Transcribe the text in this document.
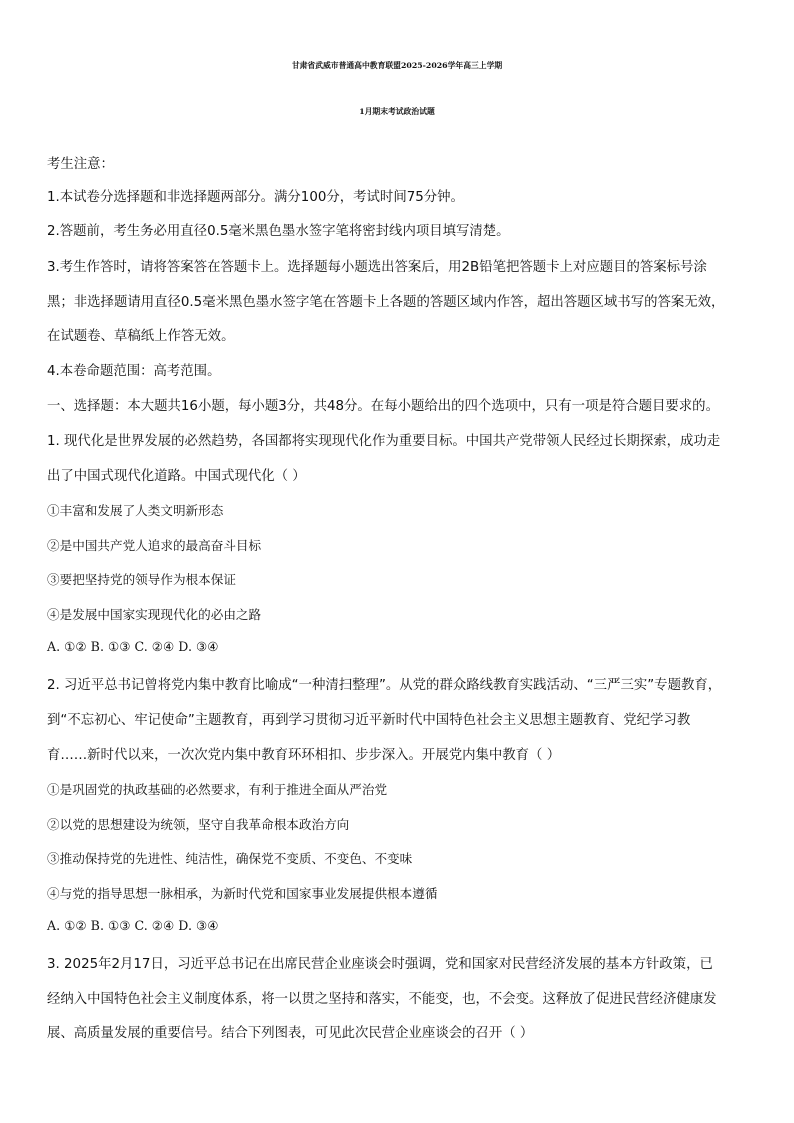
甘肃省武威市普通高中教育联盟2025-2026学年高三上学期
1月期末考试政治试题
考生注意：
1.本试卷分选择题和非选择题两部分。满分100分，考试时间75分钟。
2.答题前，考生务必用直径0.5毫米黑色墨水签字笔将密封线内项目填写清楚。
3.考生作答时，请将答案答在答题卡上。选择题每小题选出答案后，用2B铅笔把答题卡上对应题目的答案标号涂
黑；非选择题请用直径0.5毫米黑色墨水签字笔在答题卡上各题的答题区域内作答，超出答题区域书写的答案无效，
在试题卷、草稿纸上作答无效。
4.本卷命题范围：高考范围。
一、选择题：本大题共16小题，每小题3分，共48分。在每小题给出的四个选项中，只有一项是符合题目要求的。
1. 现代化是世界发展的必然趋势，各国都将实现现代化作为重要目标。中国共产党带领人民经过长期探索，成功走
出了中国式现代化道路。中国式现代化（ ）
①丰富和发展了人类文明新形态
②是中国共产党人追求的最高奋斗目标
③要把坚持党的领导作为根本保证
④是发展中国家实现现代化的必由之路
A. ①② B. ①③ C. ②④ D. ③④
2. 习近平总书记曾将党内集中教育比喻成“一种清扫整理”。从党的群众路线教育实践活动、“三严三实”专题教育，
到“不忘初心、牢记使命”主题教育，再到学习贯彻习近平新时代中国特色社会主义思想主题教育、党纪学习教
育……新时代以来，一次次党内集中教育环环相扣、步步深入。开展党内集中教育（ ）
①是巩固党的执政基础的必然要求，有利于推进全面从严治党
②以党的思想建设为统领，坚守自我革命根本政治方向
③推动保持党的先进性、纯洁性，确保党不变质、不变色、不变味
④与党的指导思想一脉相承，为新时代党和国家事业发展提供根本遵循
A. ①② B. ①③ C. ②④ D. ③④
3. 2025年2月17日，习近平总书记在出席民营企业座谈会时强调，党和国家对民营经济发展的基本方针政策，已
经纳入中国特色社会主义制度体系，将一以贯之坚持和落实，不能变，也，不会变。这释放了促进民营经济健康发
展、高质量发展的重要信号。结合下列图表，可见此次民营企业座谈会的召开（ ）
